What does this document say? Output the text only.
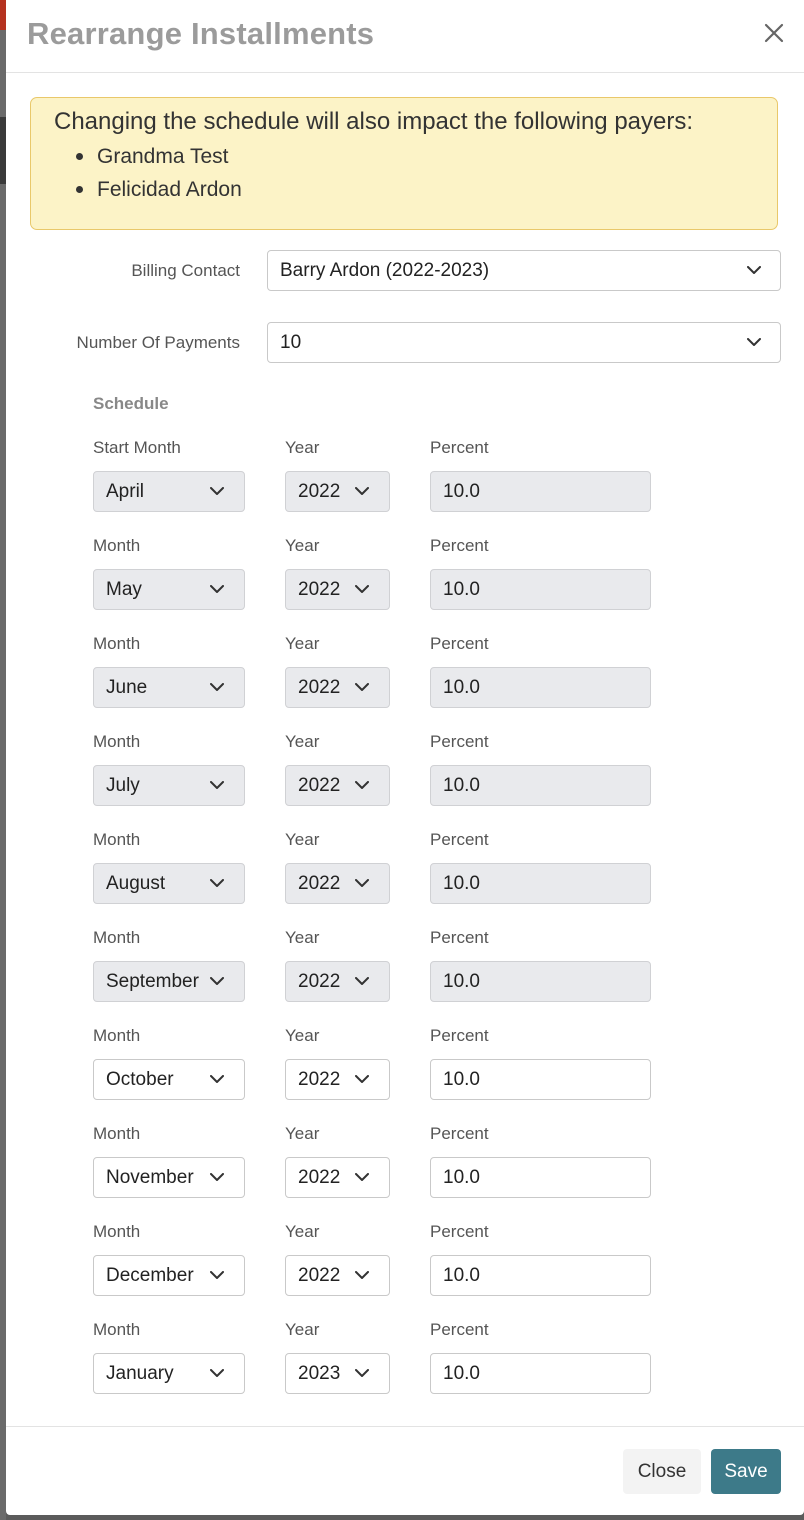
Rearrange Installments
Changing the schedule will also impact the following payers:
Grandma Test
Felicidad Ardon
Billing Contact	Barry Ardon (2022-2023)
Number Of Payments	10
Schedule
Start Month	Year	Percent
April	2022	10.0
Month	Year	Percent
May	2022	10.0
Month	Year	Percent
June	2022	10.0
Month	Year	Percent
July	2022	10.0
Month	Year	Percent
August	2022	10.0
Month	Year	Percent
September	2022	10.0
Month	Year	Percent
October	2022	10.0
Month	Year	Percent
November	2022	10.0
Month	Year	Percent
December	2022	10.0
Month	Year	Percent
January	2023	10.0
Close	Save
